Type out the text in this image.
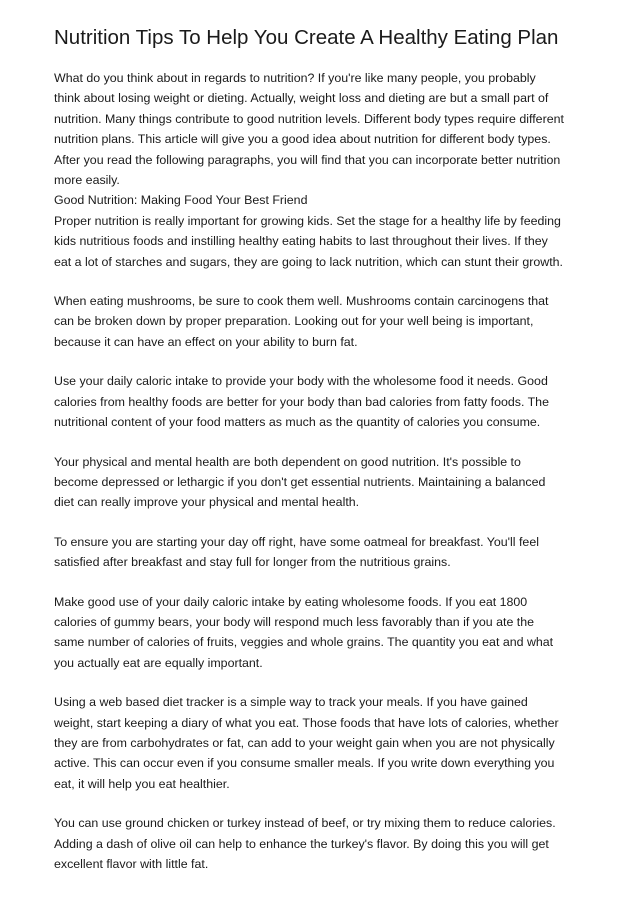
Nutrition Tips To Help You Create A Healthy Eating Plan
What do you think about in regards to nutrition? If you're like many people, you probably
think about losing weight or dieting. Actually, weight loss and dieting are but a small part of
nutrition. Many things contribute to good nutrition levels. Different body types require different
nutrition plans. This article will give you a good idea about nutrition for different body types.
After you read the following paragraphs, you will find that you can incorporate better nutrition
more easily.
Good Nutrition: Making Food Your Best Friend
Proper nutrition is really important for growing kids. Set the stage for a healthy life by feeding
kids nutritious foods and instilling healthy eating habits to last throughout their lives. If they
eat a lot of starches and sugars, they are going to lack nutrition, which can stunt their growth.
When eating mushrooms, be sure to cook them well. Mushrooms contain carcinogens that
can be broken down by proper preparation. Looking out for your well being is important,
because it can have an effect on your ability to burn fat.
Use your daily caloric intake to provide your body with the wholesome food it needs. Good
calories from healthy foods are better for your body than bad calories from fatty foods. The
nutritional content of your food matters as much as the quantity of calories you consume.
Your physical and mental health are both dependent on good nutrition. It's possible to
become depressed or lethargic if you don't get essential nutrients. Maintaining a balanced
diet can really improve your physical and mental health.
To ensure you are starting your day off right, have some oatmeal for breakfast. You'll feel
satisfied after breakfast and stay full for longer from the nutritious grains.
Make good use of your daily caloric intake by eating wholesome foods. If you eat 1800
calories of gummy bears, your body will respond much less favorably than if you ate the
same number of calories of fruits, veggies and whole grains. The quantity you eat and what
you actually eat are equally important.
Using a web based diet tracker is a simple way to track your meals. If you have gained
weight, start keeping a diary of what you eat. Those foods that have lots of calories, whether
they are from carbohydrates or fat, can add to your weight gain when you are not physically
active. This can occur even if you consume smaller meals. If you write down everything you
eat, it will help you eat healthier.
You can use ground chicken or turkey instead of beef, or try mixing them to reduce calories.
Adding a dash of olive oil can help to enhance the turkey's flavor. By doing this you will get
excellent flavor with little fat.
